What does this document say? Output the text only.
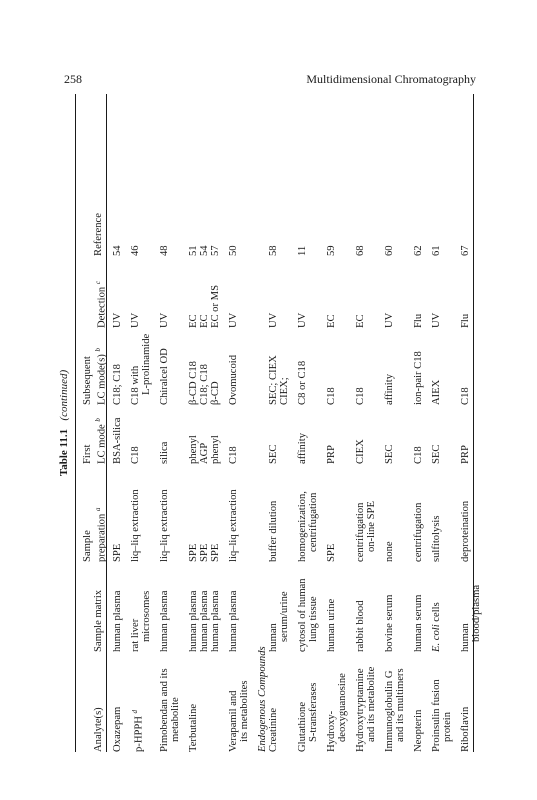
258	Multidimensional Chromatography
Table 11.1   (continued)
Analyte(s)
Sample matrix
Sample preparation $^a$
First LC mode $^b$
Subsequent LC mode(s) $^b$
Detection $^c$
Reference
Oxazepam
human plasma
SPE
BSA-silica
C18; C18
UV
54
p-HPPH $^d$
rat liver microsomes
liq–liq extraction
C18
C18 with L-prolinamide
UV
46
Pimobendan and its metabolite
human plasma
liq–liq extraction
silica
Chiralcel OD
UV
48
Terbutaline
human plasma human plasma human plasma
SPE SPE SPE
phenyl AGP phenyl
β-CD C18 C18; C18 β-CD
EC EC EC or MS
51 54 57
Verapamil and its metabolites
human plasma
liq–liq extraction
C18
Ovomucoid
UV
50
Endogenous Compounds Creatinine
human serum/urine
buffer dilution
SEC
SEC; CIEX CIEX;
UV
58
Glutathione S-transferases
cytosol of human lung tissue
homogenization, centrifugation
affinity
C8 or C18
UV
11
Hydroxy- deoxyguanosine
human urine
SPE
PRP
C18
EC
59
Hydroxytryptamine and its metabolite
rabbit blood
centrifugation on-line SPE
CIEX
C18
EC
68
Immunoglobulin G and its multimers
bovine serum
none
SEC
affinity
UV
60
Neopterin
human serum
centrifugation
C18
ion-pair C18
Flu
62
Proinsulin fusion protein
E. coli cells
sulfitolysis
SEC
AIEX
UV
61
Riboflavin
human blood/plasma
deproteination
PRP
C18
Flu
67
